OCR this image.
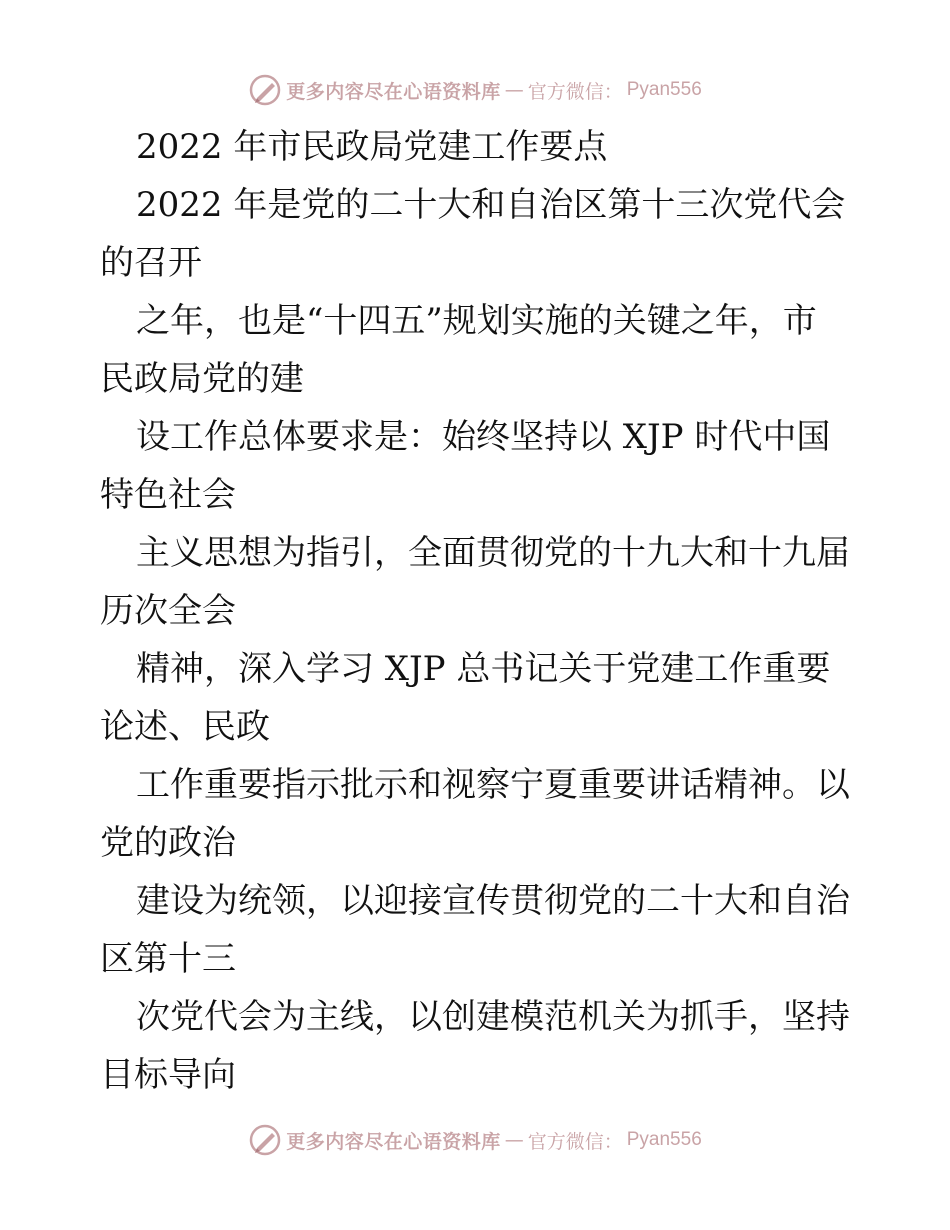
更多内容尽在心语资料库 — 官方微信： Pyan556
2022 年市民政局党建工作要点
2022 年是党的二十大和自治区第十三次党代会
的召开
之年，也是“十四五”规划实施的关键之年，市
民政局党的建
设工作总体要求是：始终坚持以 XJP 时代中国
特色社会
主义思想为指引，全面贯彻党的十九大和十九届
历次全会
精神，深入学习 XJP 总书记关于党建工作重要
论述、民政
工作重要指示批示和视察宁夏重要讲话精神。以
党的政治
建设为统领，以迎接宣传贯彻党的二十大和自治
区第十三
次党代会为主线，以创建模范机关为抓手，坚持
目标导向
更多内容尽在心语资料库 — 官方微信： Pyan556
